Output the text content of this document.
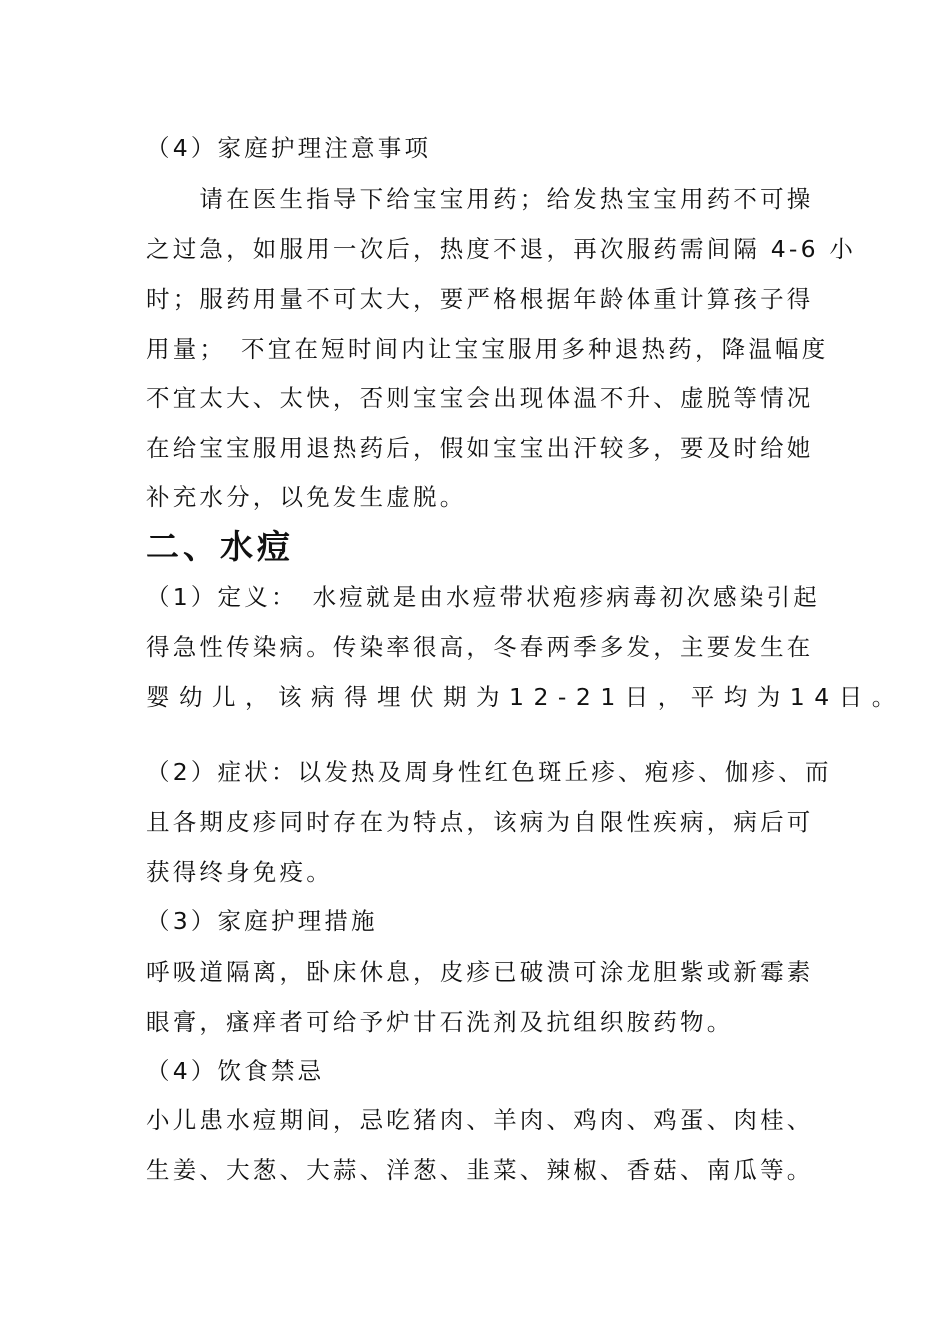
（4）家庭护理注意事项
　　请在医生指导下给宝宝用药；给发热宝宝用药不可操
之过急，如服用一次后，热度不退，再次服药需间隔 4-6 小
时；服药用量不可太大，要严格根据年龄体重计算孩子得
用量；　不宜在短时间内让宝宝服用多种退热药，降温幅度
不宜太大、太快，否则宝宝会出现体温不升、虚脱等情况
在给宝宝服用退热药后，假如宝宝出汗较多，要及时给她
补充水分，以免发生虚脱。
二、水痘
（1）定义：　水痘就是由水痘带状疱疹病毒初次感染引起
得急性传染病。传染率很高，冬春两季多发，主要发生在
婴幼儿，该病得埋伏期为12-21日，平均为14日。
（2）症状：以发热及周身性红色斑丘疹、疱疹、伽疹、而
且各期皮疹同时存在为特点，该病为自限性疾病，病后可
获得终身免疫。
（3）家庭护理措施
呼吸道隔离，卧床休息，皮疹已破溃可涂龙胆紫或新霉素
眼膏，瘙痒者可给予炉甘石洗剂及抗组织胺药物。
（4）饮食禁忌
小儿患水痘期间，忌吃猪肉、羊肉、鸡肉、鸡蛋、肉桂、
生姜、大葱、大蒜、洋葱、韭菜、辣椒、香菇、南瓜等。
